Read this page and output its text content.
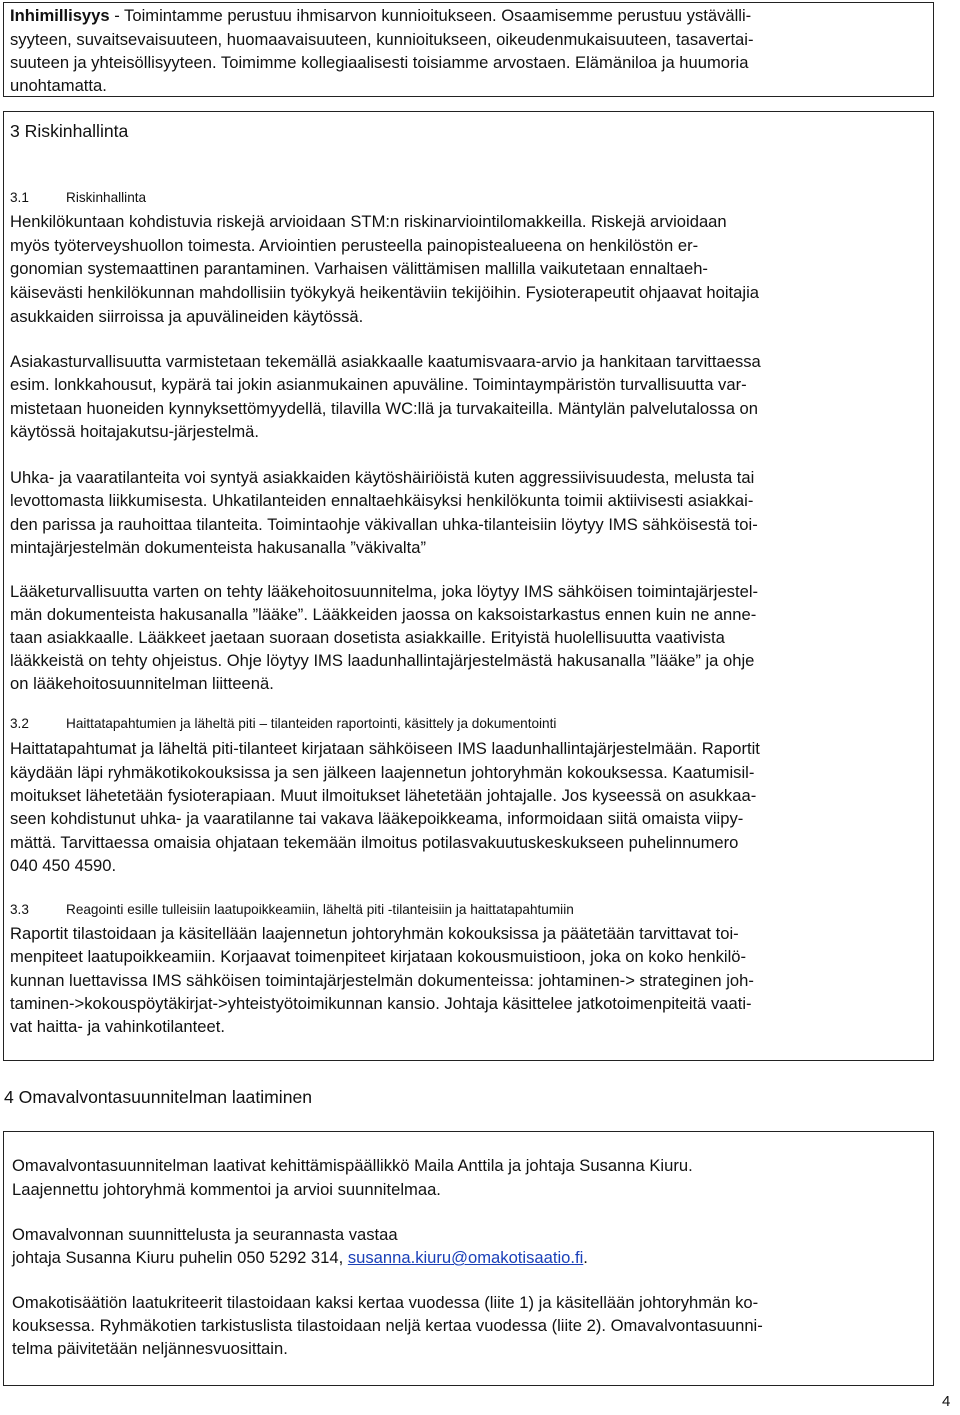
Inhimillisyys - Toimintamme perustuu ihmisarvon kunnioitukseen. Osaamisemme perustuu ystävälli-

syyteen, suvaitsevaisuuteen, huomaavaisuuteen, kunnioitukseen, oikeudenmukaisuuteen, tasavertai-

suuteen ja yhteisöllisyyteen. Toimimme kollegiaalisesti toisiamme arvostaen. Elämäniloa ja huumoria

unohtamatta.

3 Riskinhallinta

3.1	Riskinhallinta

Henkilökuntaan kohdistuvia riskejä arvioidaan STM:n riskinarviointilomakkeilla. Riskejä arvioidaan

myös työterveyshuollon toimesta. Arviointien perusteella painopistealueena on henkilöstön er-

gonomian systemaattinen parantaminen. Varhaisen välittämisen mallilla vaikutetaan ennaltaeh-

käisevästi henkilökunnan mahdollisiin työkykyä heikentäviin tekijöihin. Fysioterapeutit ohjaavat hoitajia

asukkaiden siirroissa ja apuvälineiden käytössä.

Asiakasturvallisuutta varmistetaan tekemällä asiakkaalle kaatumisvaara-arvio ja hankitaan tarvittaessa

esim. lonkkahousut, kypärä tai jokin asianmukainen apuväline. Toimintaympäristön turvallisuutta var-

mistetaan huoneiden kynnyksettömyydellä, tilavilla WC:llä ja turvakaiteilla. Mäntylän palvelutalossa on

käytössä hoitajakutsu-järjestelmä.

Uhka- ja vaaratilanteita voi syntyä asiakkaiden käytöshäiriöistä kuten aggressiivisuudesta, melusta tai

levottomasta liikkumisesta. Uhkatilanteiden ennaltaehkäisyksi henkilökunta toimii aktiivisesti asiakkai-

den parissa ja rauhoittaa tilanteita. Toimintaohje väkivallan uhka-tilanteisiin löytyy IMS sähköisestä toi-

mintajärjestelmän dokumenteista hakusanalla ”väkivalta”

Lääketurvallisuutta varten on tehty lääkehoitosuunnitelma, joka löytyy IMS sähköisen toimintajärjestel-

män dokumenteista hakusanalla ”lääke”. Lääkkeiden jaossa on kaksoistarkastus ennen kuin ne anne-

taan asiakkaalle. Lääkkeet jaetaan suoraan dosetista asiakkaille. Erityistä huolellisuutta vaativista

lääkkeistä on tehty ohjeistus. Ohje löytyy IMS laadunhallintajärjestelmästä hakusanalla ”lääke” ja ohje

on lääkehoitosuunnitelman liitteenä.

3.2	Haittatapahtumien ja läheltä piti – tilanteiden raportointi, käsittely ja dokumentointi

Haittatapahtumat ja läheltä piti-tilanteet kirjataan sähköiseen IMS laadunhallintajärjestelmään. Raportit

käydään läpi ryhmäkotikokouksissa ja sen jälkeen laajennetun johtoryhmän kokouksessa. Kaatumisil-

moitukset lähetetään fysioterapiaan. Muut ilmoitukset lähetetään johtajalle. Jos kyseessä on asukkaa-

seen kohdistunut uhka- ja vaaratilanne tai vakava lääkepoikkeama, informoidaan siitä omaista viipy-

mättä. Tarvittaessa omaisia ohjataan tekemään ilmoitus potilasvakuutuskeskukseen puhelinnumero

040 450 4590.

3.3	Reagointi esille tulleisiin laatupoikkeamiin, läheltä piti -tilanteisiin ja haittatapahtumiin

Raportit tilastoidaan ja käsitellään laajennetun johtoryhmän kokouksissa ja päätetään tarvittavat toi-

menpiteet laatupoikkeamiin. Korjaavat toimenpiteet kirjataan kokousmuistioon, joka on koko henkilö-

kunnan luettavissa IMS sähköisen toimintajärjestelmän dokumenteissa: johtaminen-> strateginen joh-

taminen->kokouspöytäkirjat->yhteistyötoimikunnan kansio. Johtaja käsittelee jatkotoimenpiteitä vaati-

vat haitta- ja vahinkotilanteet.

4 Omavalvontasuunnitelman laatiminen

Omavalvontasuunnitelman laativat kehittämispäällikkö Maila Anttila ja johtaja Susanna Kiuru.

Laajennettu johtoryhmä kommentoi ja arvioi suunnitelmaa.

Omavalvonnan suunnittelusta ja seurannasta vastaa

johtaja Susanna Kiuru puhelin 050 5292 314, susanna.kiuru@omakotisaatio.fi.

Omakotisäätiön laatukriteerit tilastoidaan kaksi kertaa vuodessa (liite 1) ja käsitellään johtoryhmän ko-

kouksessa. Ryhmäkotien tarkistuslista tilastoidaan neljä kertaa vuodessa (liite 2). Omavalvontasuunni-

telma päivitetään neljännesvuosittain.

4
